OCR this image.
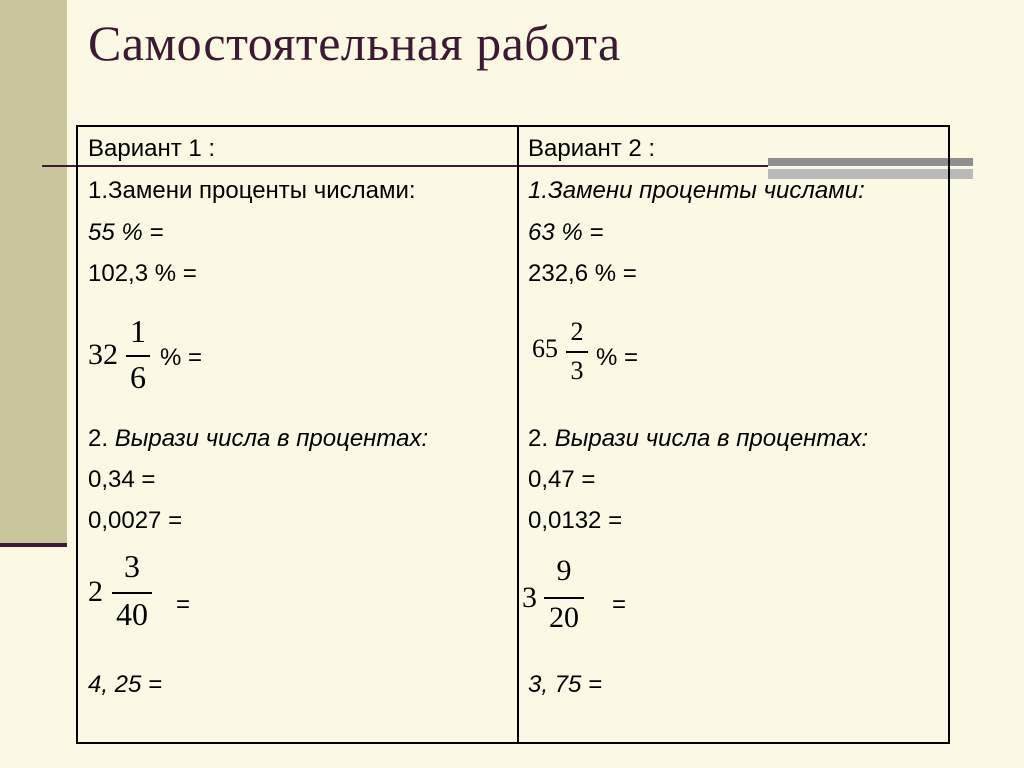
Самостоятельная работа
Вариант 1 :
1.Замени проценты числами:
55 % =
102,3 % =
32
1
6
% =
2. Вырази числа в процентах:
0,34 =
0,0027 =
2
3
40 =
4, 25 =
Вариант 2 :
1.Замени проценты числами:
63 % =
232,6 % =
65
2
3 % =
2. Вырази числа в процентах:
0,47 =
0,0132 =
3
9
20 =
3, 75 =
